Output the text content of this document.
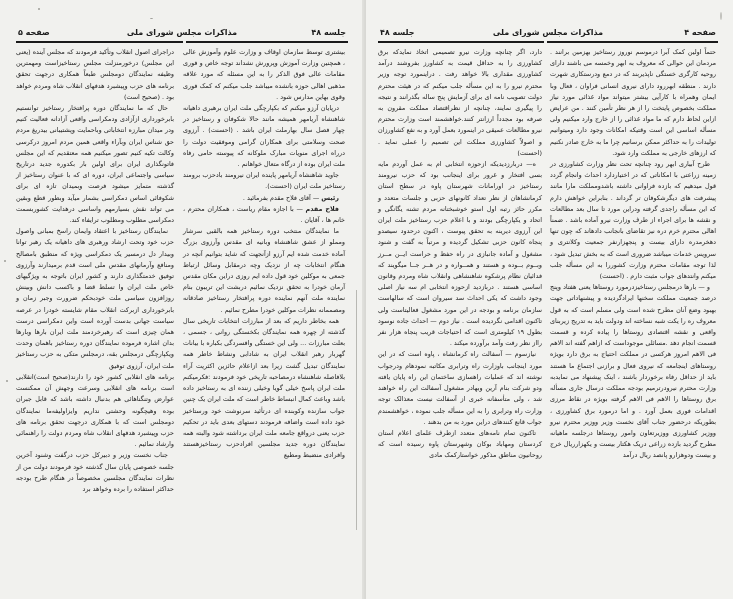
صفحه ۵	مذاکرات مجلس شورای ملی	جلسه ۴۸

بیشتری توسط سازمان اوقاف و وزارت علوم وآموزش عالی ، همچنین وزارت آموزش وپرورش نشداند توجه خاص و فوری مقامات عالی فوق الذکر را به این مسئله که مورد علاقه مذهبی اهالی حوزه بانشده میباشد جلب میکنم که کمک فوری وقوی بهاین مدارس شود .

درپایان آرزو میکنم که بکپارچگی ملت ایران برهبری داهیانه شاهنشاه آریامهر همیشه مانند حالا شکوفان و رستاخیز در چهار فصل سال بهارملت ایران باشد . (احسنت) . آرزوی صحت وسلامتی برای همکاران گرامی وموفقیت دولت را درراه اجرای منویات مبارک ملوکانه که پیوسته حامی رفاه ملت ایران بوده از درگاه متعال خواهانم .

جاوید شاهنشاه آریامهر پاینده ایران نیرومند بادحزب برومند رستاخیز ملت ایران (احسنت).

رئیس — آقای فلاح مقدم بفرمائید .

فلاح مقدم — با اجازه مقام ریاست ، همکاران محترم ، خانم ها ، آقایان .

ما نمایندگان منتخب دوره رستاخیز همه بالقبی سرشار ومملو از عشق شاهنشاه وبانیه ای مقدس وآرزوی بزرگ آماده خدمت شده ایم آرزو ازآنجهت که شاید بتوانیم آنچه در هنگام انتخابات چه از نزدیک وچه درمقابل وسائل ارتباط جمعی به موکلین خود قول داده ایم روزی دراین مکان مقدس آرمان خودرا به تحقق نزدیک نمائیم دربشت این تریبون بنام نماینده ملت آنهم نماینده دوره پرافتخار رستاخیز صادقانه ومصممانه نظرات موکلین خودرا مطرح نمائیم .

همه بخاطر داریم که بعد از مبارزات انتخابات تاریخی سال گذشته از چهره همه نمایندگان بکخستگی روانی ، جسمی ، بعلت مبارزات ... ولی این خستگی وافسردگی بکباره با بیانات گهربار رهبر انقلاب ایران به شادابی ونشاط خاطر همه نمایندگان تبدیل گشت زیرا بعد ازاعلام حائزین اکثریت آراء بلافاصله شاهنشاه درمصاحبه تاریخی خود فرمودند :فکرمیکنم ملت ایران پاسخ خیلی گویا وخیلی زننده ای به رستاخیز داده باشد وباعث کمال انبساط خاطر است که ملت ایران یک چنین جواب سازنده وکوبنده ای درتأئید سرنوشت خود ورستاخیز خود داده است واضافه فرمودند دستهای بعدی باید در تحکیم حزب یعنی درواقع جامعه ملت ایران برداشته شود والبته همه نمایندگان دوره جدید مجلسین افرادحزب رستاخیزهستند وافرادی منضبط ومطیع

دراجرای اصول انقلاب وتأکید فرمودند که مجلس آینده (یعنی این مجلس) درخورمنزلت مجلس رستاخیزاست ومهمترین وظیفه نمایندگان دومجلس طبعاً همکاری درجهت تحقق برنامه های حزب وپیشبرد هدفهای انقلاب شاه ومردم خواهد بود . (صحیح است)

حال که ما نمایندگان دوره پرافتخار رستاخیز توانستیم بابرخورداری ازآزادی ودمکراسی واقعی آزادانه فعالیت کنیم ودر میدان مبارزه انتخاباتی وباحمایت وپشتیبانی بیدریغ مردم حق شناس ایران وبآراء واقعی همین مردم امروز درکرسی وکالت تکیه کنیم تصور میکنیم همه معتقدیم که این مجلس فاتونگذاری ایران برای اولین بار بکدوره جدید درتاریخ سیاسی واجتماعی ایران، دوره ای که با عنوان رستاخیز از گذشته متمایز میشود فرصت وبمیدان تازه ای برای شکوفائی اساس دمکراسی بشمار میآید وبطور قطع وبقین می تواند نقش بسیارمهم واساسی درهدایت کشوربسمت دمکراسی مطلوب ومطلوب ترایفاء کند.

نمایندگان رستاخیز با اعتقاد وایمان راسخ بمبانی واصول حزب خود وتحت ارشاد ورهبری های داهیانه یک رهبر توانا وبیدار دل درمسیر یک دمکراسی ویژه که منطبق بامصالح ومنافع وآرمانهای مقدس ملی است قدم برمیدارند وآرزوی توفیق خدمتگذاری دارند و کشور ایران باتوجه به ویژگیهای خاص ملت ایران وا تسلط قضا و باکسب دانش وبینش روزافزون سیاسی ملت خودبحکم ضرورت وجبر زمان و بابرخورداری ازبرکت انقلاب مقام شایسته خودرا در عرصه سیاست جهانی بدست آورده است واین دمکراسی درست همان چیزی است که رهبرخردمند ملت ایران بارها وبارها بدان اشاره فرموده نمایندگان دوره رستاخیز باهمان وحدت ویکپارچگی درمجلس بقه، درمجلس متکی به حزب رستاخیز ملت ایران، آرزوی توفیق

برنامه های انقلابی کشور خود را دارند(صحیح است)انقلابی است برنامه های انقلابی وسرعت وجهش آن ممکنست عوارض وتنگناهائی هم بدنبال داشته باشد که قابل جبران بوده وهیچگونه وحشتی نداریم وایزاولیفه‌ما نمایندگان دومجلس است که با همکاری درجهت تحقق برنامه های حزب وپیشبرد هدفهای انقلاب شاه ومردم دولت را راهنمائی وارشاد نمائیم .

جناب نخست وزیر و دبیرکل حزب درگفت وشنود آخرین جلسه خصوصی پایان سال گذشته خود فرمودند دولت من از نظرات نمایندگان مجلسین مخصوصاً در هنگام طرح بودجه حداکثر استفاده را برده وخواهد برد

صفحه ۴
مذاکرات مجلس شورای ملی
جلسه ۴۸

حتماً اولین کمک آبرا درموسم نوروز رستاخیز بهزمین برانند . مردمان این حوالی که معروف به ابهر وخمسه می باشند دارای روحیه کارگری خستگی ناپذیربند که در دمع ودرستکاری شهرت دارند . منطقه ابهررود دارای نیروی انسانی فراوان ، فعال وبا ایمان وهمراه با کارآیی بیشتر میتواند مواد غذائی مورد نیاز مملکت بخصوص پایتخت را از هر نظر تأمین کنند . من عرایض ازاین لحاظ دارم که ما مواد غذائی را از خارج وارد میکنیم ولی مسأله اساسی این است وقتیکه امکانات وجود دارد ومیتوانیم تولیدات را به حداکثر ممکن برسانیم چرا ما به خارج صادر نکنیم که ارزهای خارجی به مملکت وارد شود.

طرح آبیاری ابهر رود چنانچه تحت نظر وزارت کشاورزی در زمینه زراعتی با امکاناتی که در اختیاردارد احداث وانجام گردد قول میدهیم که بازده فراوانی داشته باشدومملکت مارا مانند پیشرفت های دیگرشکوفان تر گرداند . بنابراین خواهش دارم که این مسأله راجدی گرفته ودراین مورد تا سال بعد مطالعات و نقشه ها برای اجراء از طرف وزارت نیرو آماده باشد . ضمناً اهالی محترم خرم دره نیز تقاضای بانجانب دادهاند که چون تنها دهخرمدره دارای بیست و پنجهزارنفر جمعیت وکلانتری و سرویس خدمات میباشد ضروری است که به بخش تبدیل شود ، لذا توجه مقامات محترم وزارت کشوررا به این مسأله جلب میکنم وانتدهای جواب مثبت دارم . (احسنت)

و — بارها درمجلس رستاخیزدرمورد روستاها یعنی هفتاد وپنج درصد جمعیت مملکت سخنها ایرادگردیده و پیشنهاداتی جهت بهبود وضع آنان مطرح شده است ولی مسلم است که به قول معروف ره را یکت شبه نساخته اند ودولت باید به تدریج زیربنای واقعی و نقشه اقتصادی روستاها را پیاده کرده و قسمت قسمت انجام دهد .مسائلی موجوداست که ازاهم گفته اند الاهم فی الاهم امروز هرکسی در مملکت احتیاج به برق دارد بویژه روستاهای اینجامعه که نیروی فعال و برازنی اجتماع ما هستند باید از حداقل رفاه برخوردار باشند ، اینک پیشنهاد می نمایدبه وزارت محترم نیرودرترمیم بودجه مملکت درسال جاری مسأله برق روستاها را الاهم فی الاهم گرفته بویژه در نقاط مرزی اقدامات فوری بعمل آورد . و اما درمورد برق کشاورزی ، بطوریکه درحضور جناب آقای نخست وزیر ووزیر محترم نیرو ووزیر کشاورزی ووزیرتعاون وامور روستاها درجلسه ماهیانه مطرح گردید بازده زراعی دریک هکتار بیست و یکهزارریال خرج و بیست ودوهزارو پانصد ریال درآمد

دارد، اگر چنانچه وزارت نیرو تصمیمی اتخاذ نمایدکه برق کشاورزی را به حداقل قیمت به کشاورز بفروشند درآمد کشاورزی مقداری بالا خواهد رفت . دراینمورد توجه وزیر محترم نیرو را به این مسأله جلب میکنم که در هیئت محترم دولت تصویب نامه ای برای آزمایش پنج ساله بگذرانند و نتیجه را پیگیری نمایند، چنانچه از نظراقتصاد مملکت مقرون به صرفه بود مجدداً ارزانتر کنند.خواهشمند است وزارت محترم نیرو مطالعات عمیقی در اینمورد بعمل آورد و به نفع کشاورزان و اصولاً کشاورزی مملکت این تصمیم را عملی نماید . (احسنت)

ه— دربارزدیدیکه ازحوزه انتخابی ام به عمل آوردم مایه بسی افتخار و غرور برای اینجانب بود که حزب نیرومند رستاخیز در اورامانات شهرستان پاوه در سطح استان کرمانشاهان از نظر تعداد کانونهای حزبی و جلسات متعدد و مکرر حائز رتبه اول استو خوشبختانه مردم تشنه یگانگی و اتحاد و یکپارچگی بودند و با اعلام حزب رستاخیز ملت ایران این آرزوی دیرینه به تحقق پیوست ، اکنون درحدود سیصدو پنجاه کانون حزبی تشکیل گردیده و مرتباً به گفت و شنود مشغول و آماده جانبازی در راه حفظ و حراست ایــن مــرز وبــوم بــوده و هستند و همــواره و در هــر جــا میگویند که فدائیان نظام پرشکوه شاهنشاهی وانقلاب شاه ومردم وقانون اساسی هستند . دربازدید ازحوزه انتخابی ام سه نیاز اصلی وجود داشت که یکی احداث سد سیروان است که سالهاست سازمان برنامه و بودجه در این مورد مشغول فعالیتاست ولی تاکنون اقدامی نگردیده است . نیاز دوم — احداث جاده نوسود بطول ۱۹ کیلومتری است که احتیاجات قریب پنجاه هزار نفر رااز نظر رفت وآمد برآورده میکند .

نیازسوم — آسفالت راه کرمانشاه ، پاوه است که در این مورد اینجانب باوزارت راه وترابری مکاتبه نمودهام ودرجواب نوشته اند که عملیات راهسازی ساختمان این راه پایان یافته ودو شرکت بنام آرین وبهادر مشغول آسفالت این راه خواهند شد ، ولی متأسفانه خبری از آسفالت نیست معذالک توجه وزارت راه وترابری را به این مسأله جلب نموده ، خواهشمندم جواب قانع کنندهای دراین مورد به من بدهند .

تاکنون تمام نامه‌های متعدد ازطرف علمای اعلام استان کردستان ومهاباد بوکان وشهرستان پاوه رسیده است که روحانیون مناطق مذکور خواستارکمک مادی
